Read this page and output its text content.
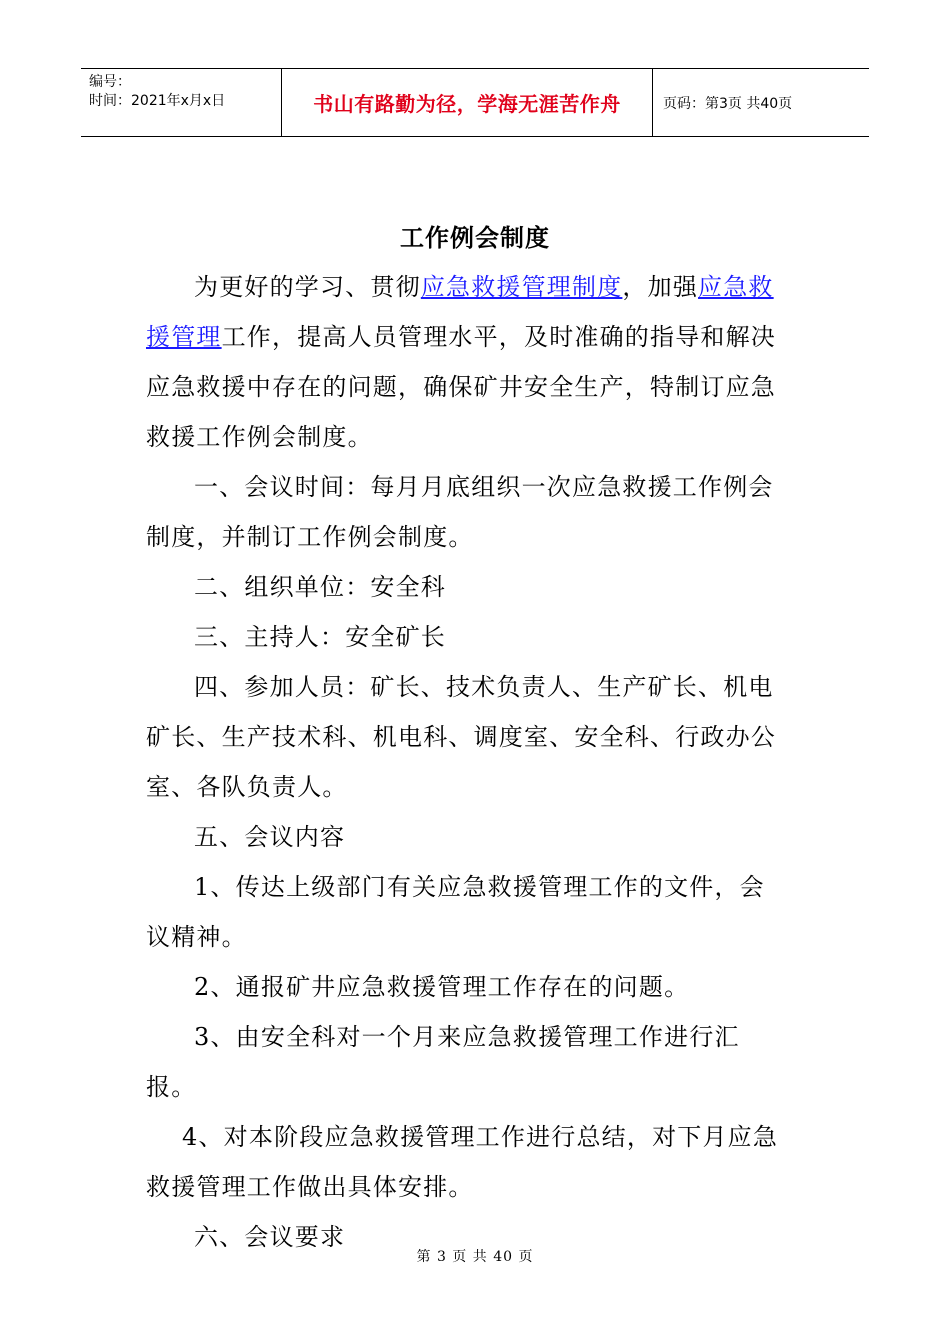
编号：
时间：2021年x月x日	书山有路勤为径，学海无涯苦作舟	页码：第3页 共40页
工作例会制度

为更好的学习、贯彻应急救援管理制度，加强应急救援管理工作，提高人员管理水平，及时准确的指导和解决应急救援中存在的问题，确保矿井安全生产，特制订应急救援工作例会制度。

一、会议时间：每月月底组织一次应急救援工作例会制度，并制订工作例会制度。

二、组织单位：安全科

三、主持人：安全矿长

四、参加人员：矿长、技术负责人、生产矿长、机电矿长、生产技术科、机电科、调度室、安全科、行政办公室、各队负责人。

五、会议内容

1、传达上级部门有关应急救援管理工作的文件，会议精神。

2、通报矿井应急救援管理工作存在的问题。

3、由安全科对一个月来应急救援管理工作进行汇报。

4、对本阶段应急救援管理工作进行总结，对下月应急救援管理工作做出具体安排。

六、会议要求

第 3 页 共 40 页
